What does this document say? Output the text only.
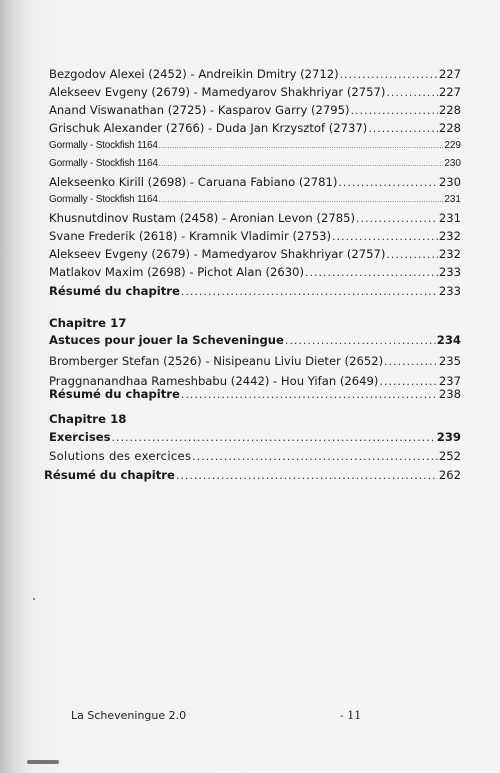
Bezgodov Alexei (2452) - Andreikin Dmitry (2712) .....	227
Alekseev Evgeny (2679) - Mamedyarov Shakhriyar (2757) .....	227
Anand Viswanathan (2725) - Kasparov Garry (2795) .....	228
Grischuk Alexander (2766) - Duda Jan Krzysztof (2737) .....	228
Gormally - Stockfish 1164 .....	229
Gormally - Stockfish 1164 .....	230
Alekseenko Kirill (2698) - Caruana Fabiano (2781) .....	230
Gormally - Stockfish 1164 .....	231
Khusnutdinov Rustam (2458) - Aronian Levon (2785) .....	231
Svane Frederik (2618) - Kramnik Vladimir (2753) .....	232
Alekseev Evgeny (2679) - Mamedyarov Shakhriyar (2757) .....	232
Matlakov Maxim (2698) - Pichot Alan (2630) .....	233
Résumé du chapitre .....	233
Chapitre 17
Astuces pour jouer la Scheveningue .....	234
Bromberger Stefan (2526) - Nisipeanu Liviu Dieter (2652) .....	235
Praggnanandhaa Rameshbabu (2442) - Hou Yifan (2649) .....	237
Résumé du chapitre .....	238
Chapitre 18
Exercises .....	239
Solutions des exercices .....	252
Résumé du chapitre .....	262
La Scheveningue 2.0	- 11
